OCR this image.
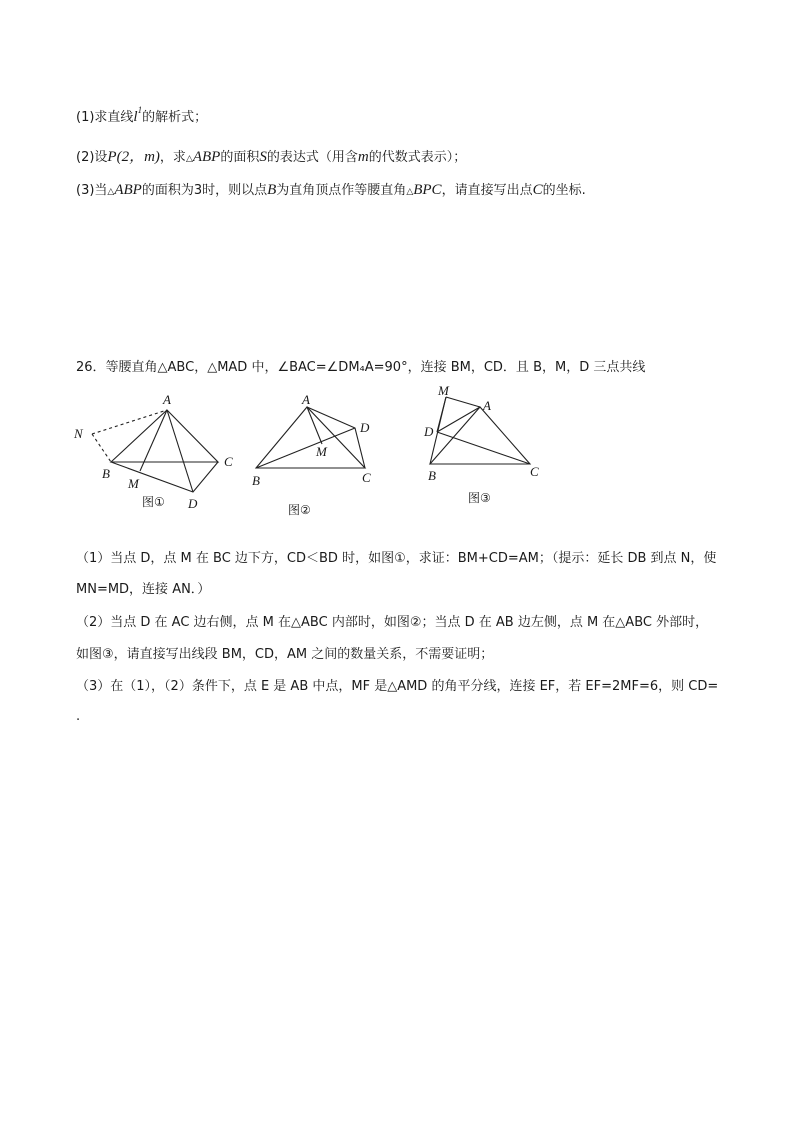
(1)求直线$l^1$的解析式；
(2)设P(2，m)，求△ABP的面积S的表达式（用含m的代数式表示）；
(3)当△ABP的面积为3时，则以点B为直角顶点作等腰直角△BPC，请直接写出点C的坐标.
26．等腰直角△ABC，△MAD 中，∠BAC=∠DM₄A=90°，连接 BM，CD．且 B，M，D 三点共线
A
N
B
M
C
D
图①
A
D
M
B	C
图②
M
A
D
B	C
图③
（1）当点 D，点 M 在 BC 边下方，CD＜BD 时，如图①，求证：BM+CD=AM；（提示：延长 DB 到点 N，使
MN=MD，连接 AN．）
（2）当点 D 在 AC 边右侧，点 M 在△ABC 内部时，如图②；当点 D 在 AB 边左侧，点 M 在△ABC 外部时，
如图③，请直接写出线段 BM，CD，AM 之间的数量关系，不需要证明；
（3）在（1），（2）条件下，点 E 是 AB 中点，MF 是△AMD 的角平分线，连接 EF，若 EF=2MF=6，则 CD=
.
